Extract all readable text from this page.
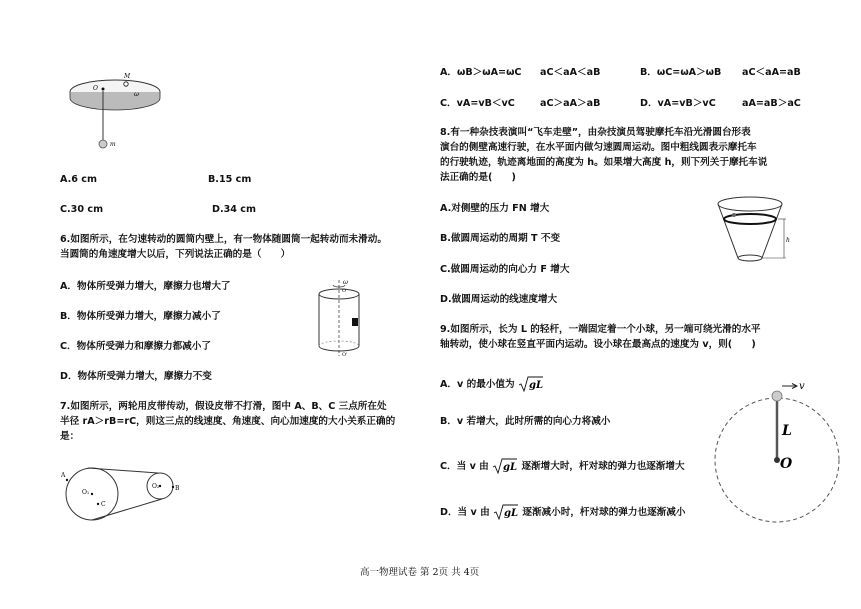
O
M
ω
m
A.6 cm	B.15 cm
C.30 cm	D.34 cm
6.如图所示，在匀速转动的圆筒内壁上，有一物体随圆筒一起转动而未滑动。
当圆筒的角速度增大以后，下列说法正确的是（　　）
A．物体所受弹力增大，摩擦力也增大了
B．物体所受弹力增大，摩擦力减小了
C．物体所受弹力和摩擦力都减小了
D．物体所受弹力增大，摩擦力不变
ω
O
O'
7.如图所示，两轮用皮带传动，假设皮带不打滑，图中 A、B、C 三点所在处
半径 rA＞rB=rC，则这三点的线速度、角速度、向心加速度的大小关系正确的
是：
A
O₁
C
O₂	B
A．ωB＞ωA=ωC aC＜aA＜aB	B．ωC=ωA＞ωB aC＜aA=aB
C．vA=vB＜vC	aC＞aA＞aB	D．vA=vB＞vC	aA=aB＞aC
8.有一种杂技表演叫“飞车走壁”，由杂技演员驾驶摩托车沿光滑圆台形表
演台的侧壁高速行驶，在水平面内做匀速圆周运动。图中粗线圆表示摩托车
的行驶轨迹，轨迹离地面的高度为 h。如果增大高度 h，则下列关于摩托车说
法正确的是(　　)
A.对侧壁的压力 FN 增大
B.做圆周运动的周期 T 不变
C.做圆周运动的向心力 F 增大
D.做圆周运动的线速度增大
h
9.如图所示，长为 L 的轻杆，一端固定着一个小球，另一端可绕光滑的水平
轴转动，使小球在竖直平面内运动。设小球在最高点的速度为 v，则(　　)
A．v 的最小值为 gL
B．v 若增大，此时所需的向心力将减小
C．当 v 由 gL 逐渐增大时，杆对球的弹力也逐渐增大
D．当 v 由 gL 逐渐减小时，杆对球的弹力也逐渐减小
v
L
O
高一物理试卷 第 2页 共 4页
